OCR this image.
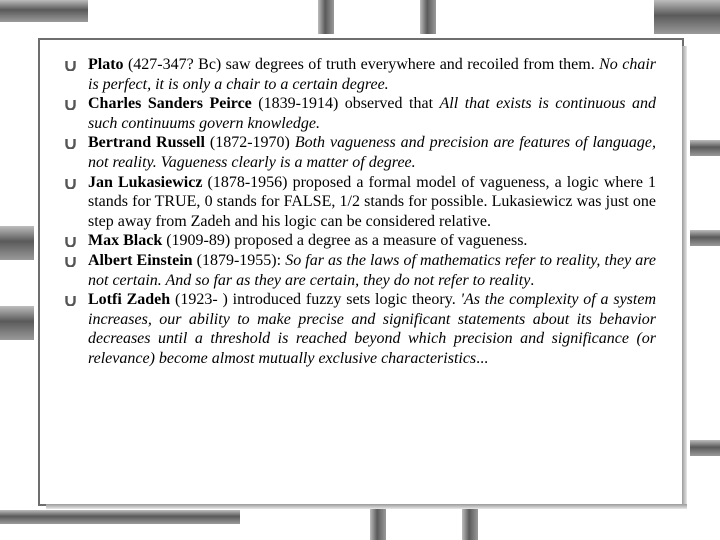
Plato (427-347? Bc) saw degrees of truth everywhere and recoiled from them. No chair is perfect, it is only a chair to a certain degree.
Charles Sanders Peirce (1839-1914) observed that All that exists is continuous and such continuums govern knowledge.
Bertrand Russell (1872-1970) Both vagueness and precision are features of language, not reality. Vagueness clearly is a matter of degree.
Jan Lukasiewicz (1878-1956) proposed a formal model of vagueness, a logic where 1 stands for TRUE, 0 stands for FALSE, 1/2 stands for possible. Lukasiewicz was just one step away from Zadeh and his logic can be considered relative.
Max Black (1909-89) proposed a degree as a measure of vagueness.
Albert Einstein (1879-1955): So far as the laws of mathematics refer to reality, they are not certain. And so far as they are certain, they do not refer to reality.
Lotfi Zadeh (1923- ) introduced fuzzy sets logic theory. 'As the complexity of a system increases, our ability to make precise and significant statements about its behavior decreases until a threshold is reached beyond which precision and significance (or relevance) become almost mutually exclusive characteristics...
